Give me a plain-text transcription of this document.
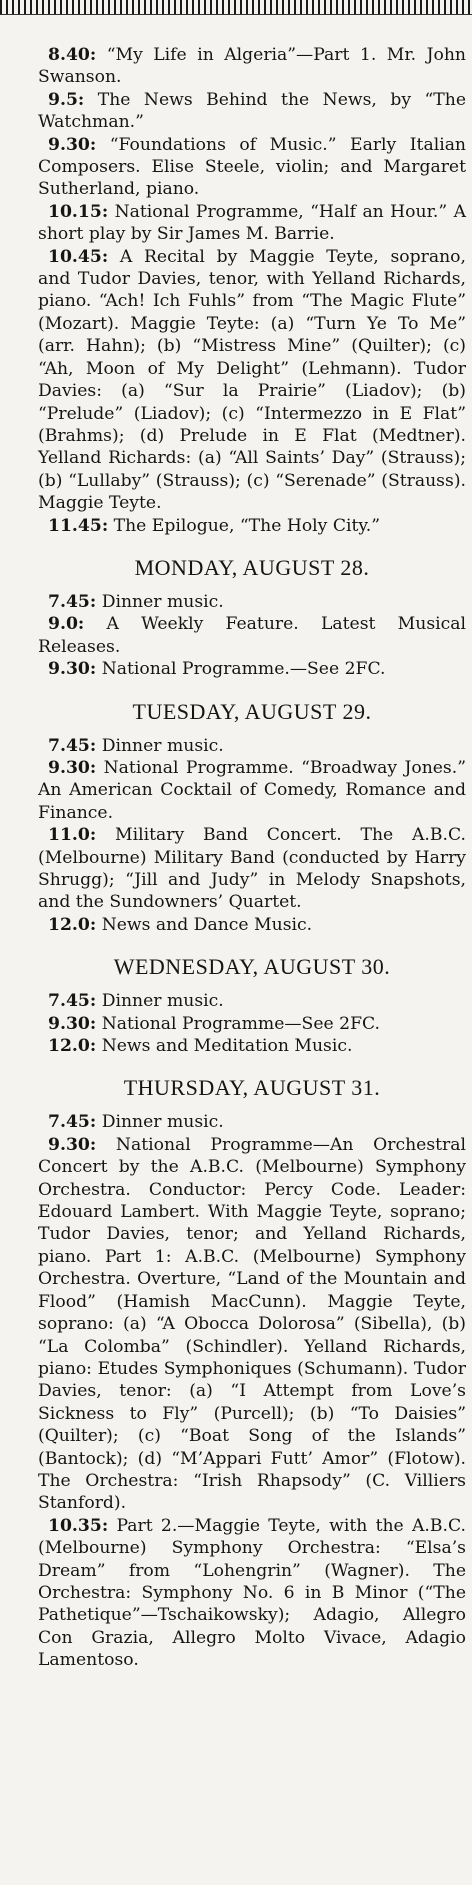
8.40: “My Life in Algeria”—Part 1. Mr. John Swanson.

9.5: The News Behind the News, by “The Watchman.”

9.30: “Foundations of Music.” Early Italian Composers. Elise Steele, violin; and Margaret Sutherland, piano.

10.15: National Programme, “Half an Hour.” A short play by Sir James M. Barrie.

10.45: A Recital by Maggie Teyte, soprano, and Tudor Davies, tenor, with Yelland Richards, piano. “Ach! Ich Fuhls” from “The Magic Flute” (Mozart). Maggie Teyte: (a) “Turn Ye To Me” (arr. Hahn); (b) “Mistress Mine” (Quilter); (c) “Ah, Moon of My Delight” (Lehmann). Tudor Davies: (a) “Sur la Prairie” (Liadov); (b) “Prelude” (Liadov); (c) “Intermezzo in E Flat” (Brahms); (d) Prelude in E Flat (Medtner). Yelland Richards: (a) “All Saints’ Day” (Strauss); (b) “Lullaby” (Strauss); (c) “Serenade” (Strauss). Maggie Teyte.

11.45: The Epilogue, “The Holy City.”

MONDAY, AUGUST 28.

7.45: Dinner music.

9.0: A Weekly Feature. Latest Musical Releases.

9.30: National Programme.—See 2FC.

TUESDAY, AUGUST 29.

7.45: Dinner music.

9.30: National Programme. “Broadway Jones.” An American Cocktail of Comedy, Romance and Finance.

11.0: Military Band Concert. The A.B.C. (Melbourne) Military Band (conducted by Harry Shrugg); “Jill and Judy” in Melody Snapshots, and the Sundowners’ Quartet.

12.0: News and Dance Music.

WEDNESDAY, AUGUST 30.

7.45: Dinner music.

9.30: National Programme—See 2FC.

12.0: News and Meditation Music.

THURSDAY, AUGUST 31.

7.45: Dinner music.

9.30: National Programme—An Orchestral Concert by the A.B.C. (Melbourne) Symphony Orchestra. Conductor: Percy Code. Leader: Edouard Lambert. With Maggie Teyte, soprano; Tudor Davies, tenor; and Yelland Richards, piano. Part 1: A.B.C. (Melbourne) Symphony Orchestra. Overture, “Land of the Mountain and Flood” (Hamish MacCunn). Maggie Teyte, soprano: (a) “A Obocca Dolorosa” (Sibella), (b) “La Colomba” (Schindler). Yelland Richards, piano: Etudes Symphoniques (Schumann). Tudor Davies, tenor: (a) “I Attempt from Love’s Sickness to Fly” (Purcell); (b) “To Daisies” (Quilter); (c) “Boat Song of the Islands” (Bantock); (d) “M’Appari Futt’ Amor” (Flotow). The Orchestra: “Irish Rhapsody” (C. Villiers Stanford).

10.35: Part 2.—Maggie Teyte, with the A.B.C. (Melbourne) Symphony Orchestra: “Elsa’s Dream” from “Lohengrin” (Wagner). The Orchestra: Symphony No. 6 in B Minor (“The Pathetique”—Tschaikowsky); Adagio, Allegro Con Grazia, Allegro Molto Vivace, Adagio Lamentoso.
